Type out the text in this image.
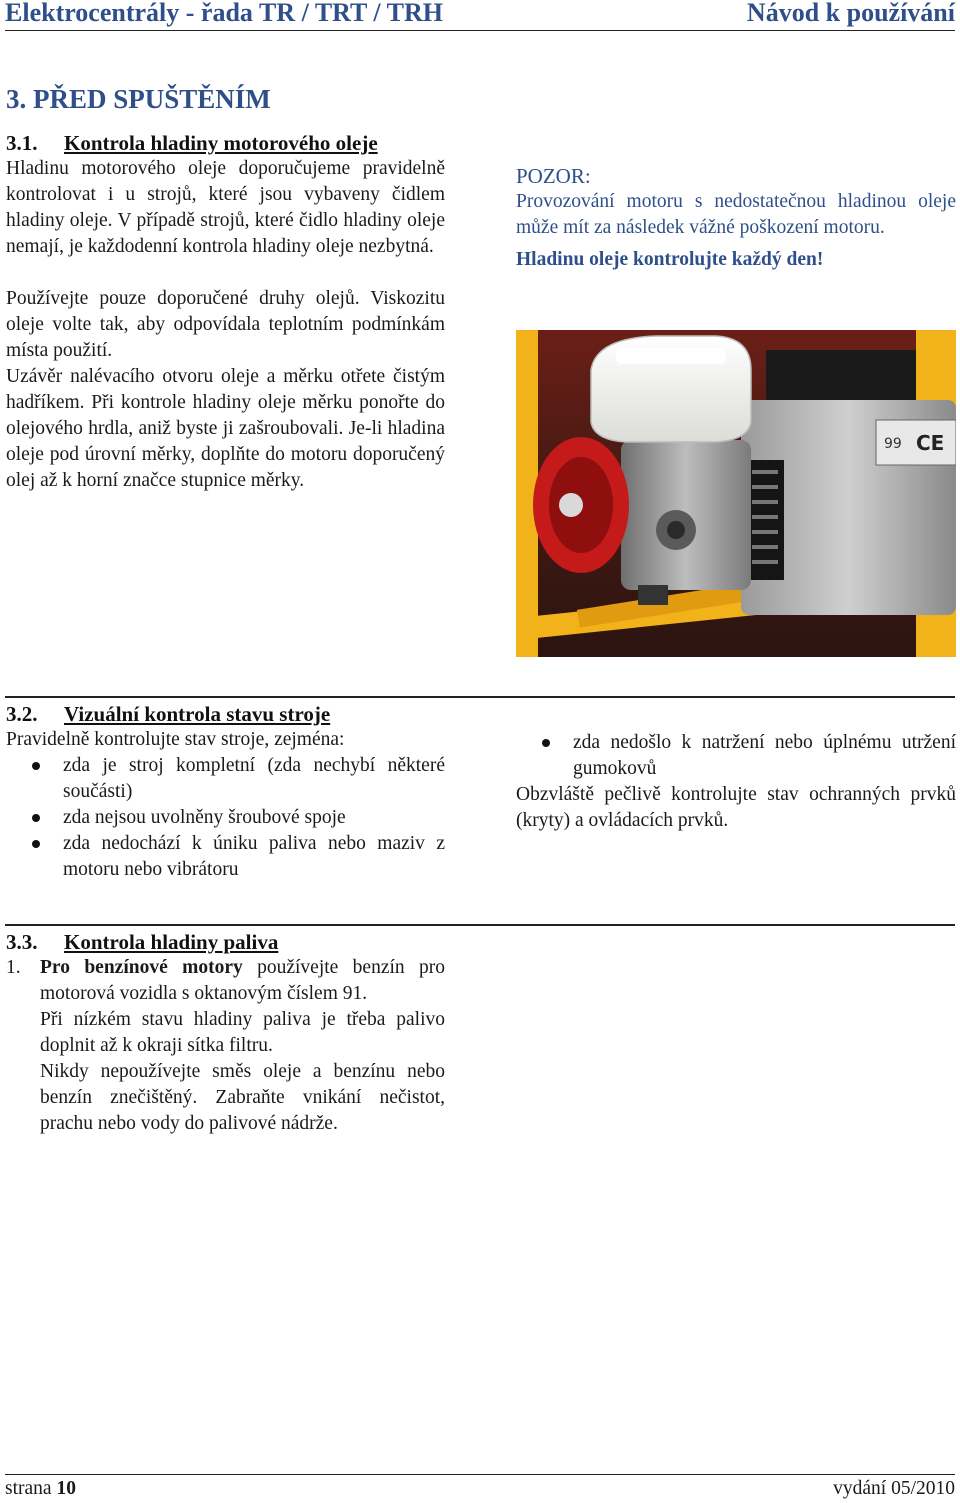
Elektrocentrály - řada TR / TRT / TRH	Návod k používání
3. PŘED SPUŠTĚNÍM
3.1. Kontrola hladiny motorového oleje

Hladinu motorového oleje doporučujeme pravidelně kontrolovat i u strojů, které jsou vybaveny čidlem hladiny oleje. V případě strojů, které čidlo hladiny oleje nemají, je každodenní kontrola hladiny oleje nezbytná.

Používejte pouze doporučené druhy olejů. Viskozitu oleje volte tak, aby odpovídala teplotním podmínkám místa použití.

Uzávěr nalévacího otvoru oleje a měrku otřete čistým hadříkem. Při kontrole hladiny oleje měrku ponořte do olejového hrdla, aniž byste ji zašroubovali. Je-li hladina oleje pod úrovní měrky, doplňte do motoru doporučený olej až k horní značce stupnice měrky.

POZOR:
Provozování motoru s nedostatečnou hladinou oleje může mít za následek vážné poškození motoru.
Hladinu oleje kontrolujte každý den!
99 CE
3.2. Vizuální kontrola stavu stroje
Pravidelně kontrolujte stav stroje, zejména:
zda je stroj kompletní (zda nechybí některé součásti)
zda nejsou uvolněny šroubové spoje
zda nedochází k úniku paliva nebo maziv z motoru nebo vibrátoru
zda nedošlo k natržení nebo úplnému utržení gumokovů
Obzvláště pečlivě kontrolujte stav ochranných prvků (kryty) a ovládacích prvků.
3.3. Kontrola hladiny paliva
1. Pro benzínové motory používejte benzín pro motorová vozidla s oktanovým číslem 91.
Při nízkém stavu hladiny paliva je třeba palivo doplnit až k okraji sítka filtru.
Nikdy nepoužívejte směs oleje a benzínu nebo benzín znečištěný. Zabraňte vnikání nečistot, prachu nebo vody do palivové nádrže.
strana 10	vydání 05/2010
